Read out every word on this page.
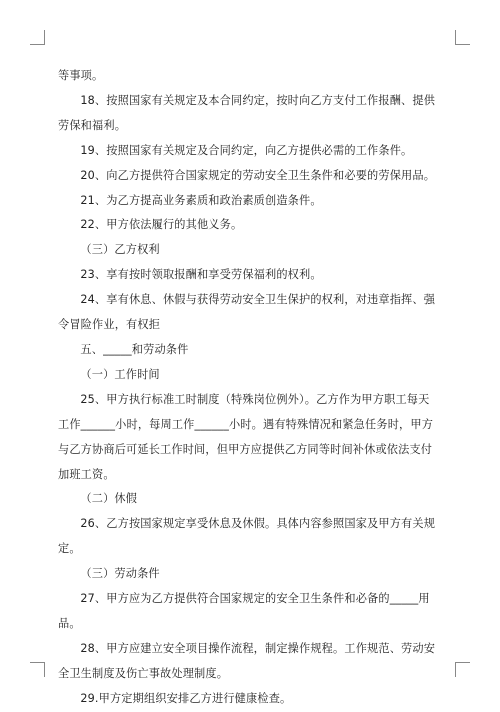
等事项。

18、按照国家有关规定及本合同约定，按时向乙方支付工作报酬、提供劳保和福利。

19、按照国家有关规定及合同约定，向乙方提供必需的工作条件。

20、向乙方提供符合国家规定的劳动安全卫生条件和必要的劳保用品。

21、为乙方提高业务素质和政治素质创造条件。

22、甲方依法履行的其他义务。

（三）乙方权利

23、享有按时领取报酬和享受劳保福利的权利。

24、享有休息、休假与获得劳动安全卫生保护的权利，对违章指挥、强令冒险作业，有权拒

五、_____和劳动条件

（一）工作时间

25、甲方执行标准工时制度（特殊岗位例外）。乙方作为甲方职工每天工作______小时，每周工作______小时。遇有特殊情况和紧急任务时，甲方与乙方协商后可延长工作时间，但甲方应提供乙方同等时间补休或依法支付加班工资。

（二）休假

26、乙方按国家规定享受休息及休假。具体内容参照国家及甲方有关规定。

（三）劳动条件

27、甲方应为乙方提供符合国家规定的安全卫生条件和必备的_____用品。

28、甲方应建立安全项目操作流程，制定操作规程。工作规范、劳动安全卫生制度及伤亡事故处理制度。

29.甲方定期组织安排乙方进行健康检查。
